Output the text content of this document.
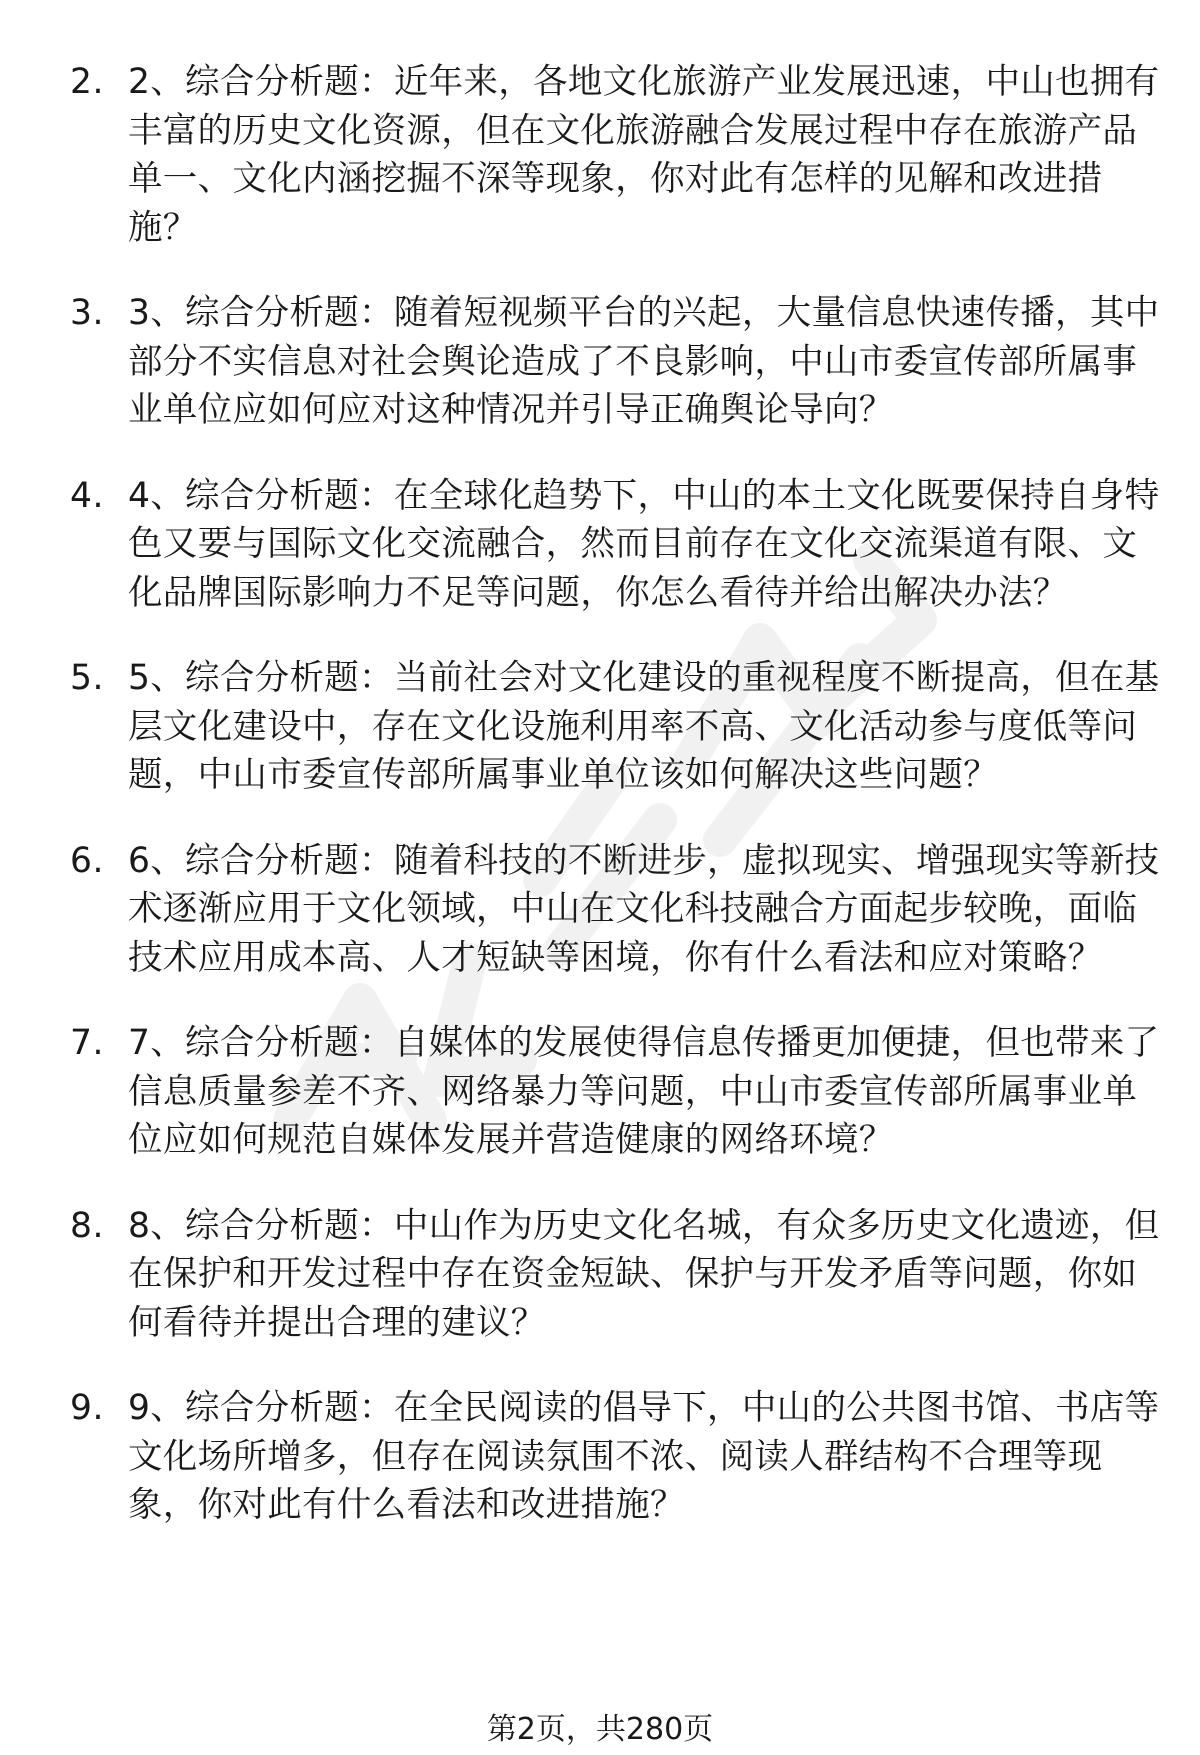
2. 2、综合分析题：近年来，各地文化旅游产业发展迅速，中山也拥有丰富的历史文化资源，但在文化旅游融合发展过程中存在旅游产品单一、文化内涵挖掘不深等现象，你对此有怎样的见解和改进措施？
3. 3、综合分析题：随着短视频平台的兴起，大量信息快速传播，其中部分不实信息对社会舆论造成了不良影响，中山市委宣传部所属事业单位应如何应对这种情况并引导正确舆论导向？
4. 4、综合分析题：在全球化趋势下，中山的本土文化既要保持自身特色又要与国际文化交流融合，然而目前存在文化交流渠道有限、文化品牌国际影响力不足等问题，你怎么看待并给出解决办法？
5. 5、综合分析题：当前社会对文化建设的重视程度不断提高，但在基层文化建设中，存在文化设施利用率不高、文化活动参与度低等问题，中山市委宣传部所属事业单位该如何解决这些问题？
6. 6、综合分析题：随着科技的不断进步，虚拟现实、增强现实等新技术逐渐应用于文化领域，中山在文化科技融合方面起步较晚，面临技术应用成本高、人才短缺等困境，你有什么看法和应对策略？
7. 7、综合分析题：自媒体的发展使得信息传播更加便捷，但也带来了信息质量参差不齐、网络暴力等问题，中山市委宣传部所属事业单位应如何规范自媒体发展并营造健康的网络环境？
8. 8、综合分析题：中山作为历史文化名城，有众多历史文化遗迹，但在保护和开发过程中存在资金短缺、保护与开发矛盾等问题，你如何看待并提出合理的建议？
9. 9、综合分析题：在全民阅读的倡导下，中山的公共图书馆、书店等文化场所增多，但存在阅读氛围不浓、阅读人群结构不合理等现象，你对此有什么看法和改进措施？
第2页，共280页
